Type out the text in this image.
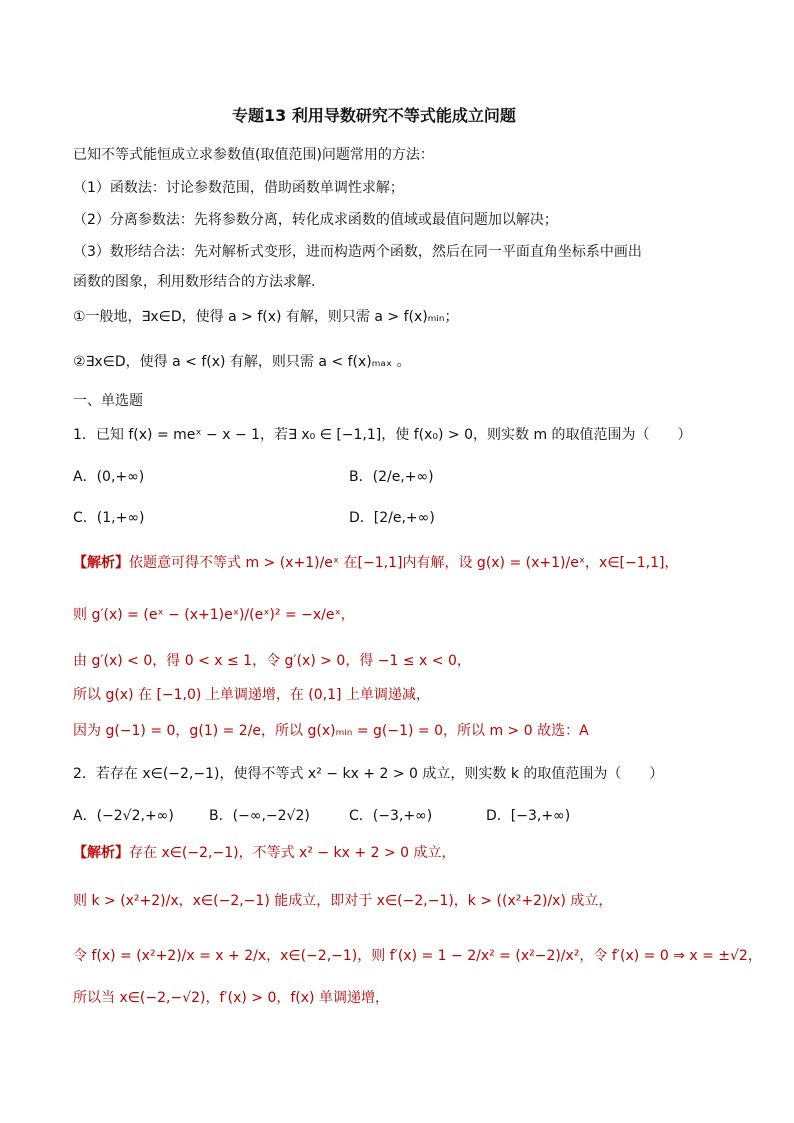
专题13 利用导数研究不等式能成立问题
已知不等式能恒成立求参数值(取值范围)问题常用的方法：
（1）函数法：讨论参数范围，借助函数单调性求解；
（2）分离参数法：先将参数分离，转化成求函数的值域或最值问题加以解决；
（3）数形结合法：先对解析式变形，进而构造两个函数，然后在同一平面直角坐标系中画出
函数的图象，利用数形结合的方法求解.
①一般地，∃x∈D，使得 a > f(x) 有解，则只需 a > f(x)ₘᵢₙ；
②∃x∈D，使得 a < f(x) 有解，则只需 a < f(x)ₘₐₓ 。
一、单选题
1．已知 f(x) = meˣ − x − 1，若∃ x₀ ∈ [−1,1]，使 f(x₀) > 0，则实数 m 的取值范围为（　　）
A．(0,+∞)	B．(2/e,+∞)
C．(1,+∞)	D．[2/e,+∞)
【解析】依题意可得不等式 m > (x+1)/eˣ 在[−1,1]内有解，设 g(x) = (x+1)/eˣ，x∈[−1,1]，
则 g′(x) = (eˣ − (x+1)eˣ)/(eˣ)² = −x/eˣ，
由 g′(x) < 0，得 0 < x ≤ 1，令 g′(x) > 0，得 −1 ≤ x < 0，
所以 g(x) 在 [−1,0) 上单调递增，在 (0,1] 上单调递减，
因为 g(−1) = 0，g(1) = 2/e，所以 g(x)ₘᵢₙ = g(−1) = 0，所以 m > 0 故选：A
2．若存在 x∈(−2,−1)，使得不等式 x² − kx + 2 > 0 成立，则实数 k 的取值范围为（　　）
A．(−2√2,+∞)	B．(−∞,−2√2)	C．(−3,+∞)	D．[−3,+∞)
【解析】存在 x∈(−2,−1)，不等式 x² − kx + 2 > 0 成立，
则 k > (x²+2)/x，x∈(−2,−1) 能成立，即对于 x∈(−2,−1)，k > ((x²+2)/x) 成立，
令 f(x) = (x²+2)/x = x + 2/x，x∈(−2,−1)，则 f′(x) = 1 − 2/x² = (x²−2)/x²，令 f′(x) = 0 ⇒ x = ±√2，
所以当 x∈(−2,−√2)，f′(x) > 0，f(x) 单调递增，
